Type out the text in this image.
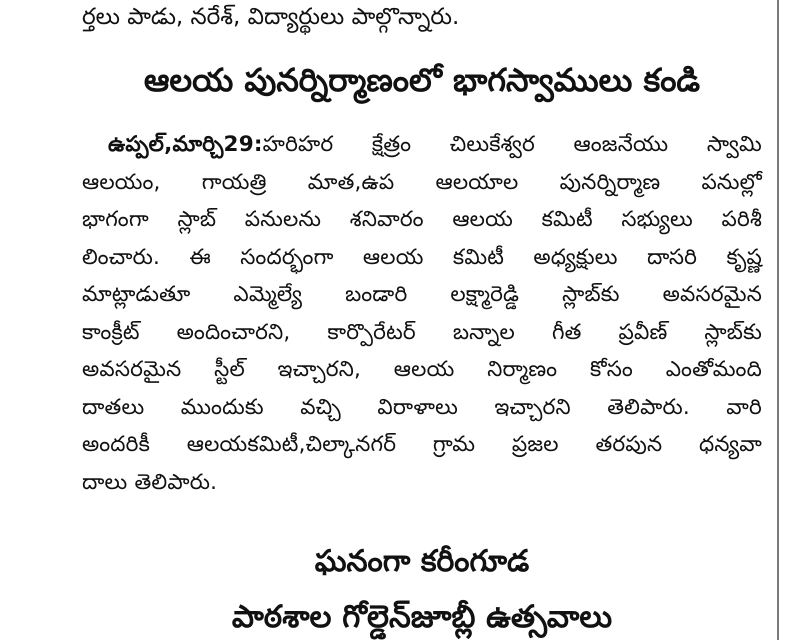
ర్తలు పాడు, నరేశ్, విద్యార్థులు పాల్గొన్నారు.
ఆలయ పునర్నిర్మాణంలో భాగస్వాములు కండి
ఉప్పల్,మార్చి29:హరిహర క్షేత్రం చిలుకేశ్వర ఆంజనేయు స్వామి
ఆలయం, గాయత్రి మాత,ఉప ఆలయాల పునర్నిర్మాణ పనుల్లో
భాగంగా స్లాబ్ పనులను శనివారం ఆలయ కమిటీ సభ్యులు పరిశీ
లించారు. ఈ సందర్భంగా ఆలయ కమిటీ అధ్యక్షులు దాసరి కృష్ణ
మాట్లాడుతూ ఎమ్మెల్యే బండారి లక్ష్మారెడ్డి స్లాబ్‌కు అవసరమైన
కాంక్రీట్ అందించారని, కార్పొరేటర్ బన్నాల గీత ప్రవీణ్ స్లాబ్‌కు
అవసరమైన స్టీల్ ఇచ్చారని, ఆలయ నిర్మాణం కోసం ఎంతోమంది
దాతలు ముందుకు వచ్చి విరాళాలు ఇచ్చారని తెలిపారు. వారి
అందరికీ ఆలయకమిటీ,చిల్కానగర్ గ్రామ ప్రజల తరపున ధన్యవా
దాలు తెలిపారు.
ఘనంగా కరీంగూడ
పాఠశాల గోల్డెన్‌జూబ్లీ ఉత్సవాలు
